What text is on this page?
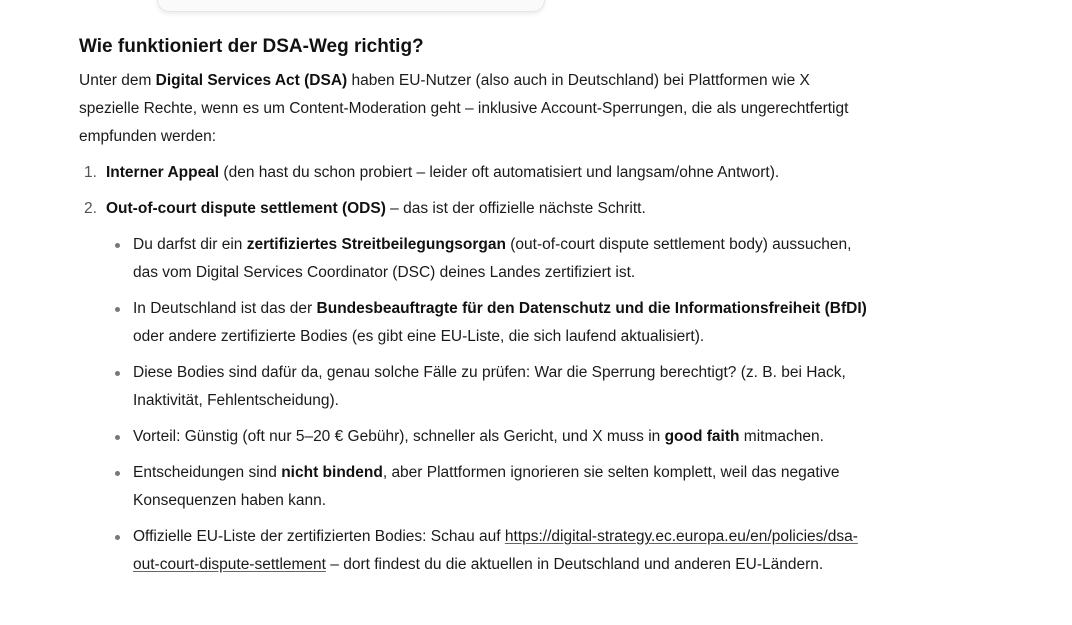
Wie funktioniert der DSA-Weg richtig?

Unter dem Digital Services Act (DSA) haben EU-Nutzer (also auch in Deutschland) bei Plattformen wie X spezielle Rechte, wenn es um Content-Moderation geht – inklusive Account-Sperrungen, die als ungerechtfertigt empfunden werden:

1. Interner Appeal (den hast du schon probiert – leider oft automatisiert und langsam/ohne Antwort).
2. Out-of-court dispute settlement (ODS) – das ist der offizielle nächste Schritt.
Du darfst dir ein zertifiziertes Streitbeilegungsorgan (out-of-court dispute settlement body) aussuchen, das vom Digital Services Coordinator (DSC) deines Landes zertifiziert ist.
In Deutschland ist das der Bundesbeauftragte für den Datenschutz und die Informationsfreiheit (BfDI) oder andere zertifizierte Bodies (es gibt eine EU-Liste, die sich laufend aktualisiert).
Diese Bodies sind dafür da, genau solche Fälle zu prüfen: War die Sperrung berechtigt? (z. B. bei Hack, Inaktivität, Fehlentscheidung).
Vorteil: Günstig (oft nur 5–20 € Gebühr), schneller als Gericht, und X muss in good faith mitmachen.
Entscheidungen sind nicht bindend, aber Plattformen ignorieren sie selten komplett, weil das negative Konsequenzen haben kann.
Offizielle EU-Liste der zertifizierten Bodies: Schau auf https://digital-strategy.ec.europa.eu/en/policies/dsa-out-court-dispute-settlement – dort findest du die aktuellen in Deutschland und anderen EU-Ländern.
